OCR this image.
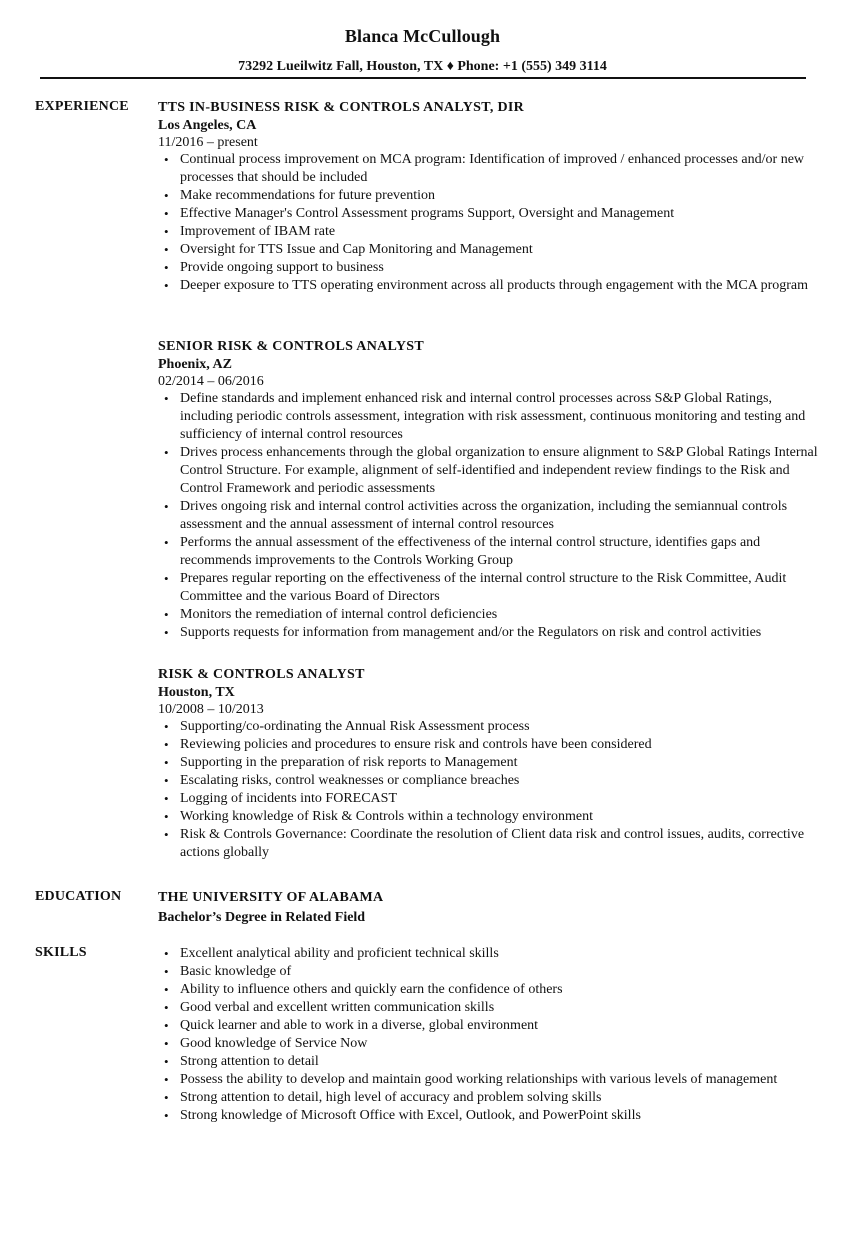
Blanca McCullough
73292 Lueilwitz Fall, Houston, TX ♦ Phone: +1 (555) 349 3114
EXPERIENCE TTS IN-BUSINESS RISK & CONTROLS ANALYST, DIR
Los Angeles, CA
11/2016 – present
• Continual process improvement on MCA program: Identification of improved / enhanced processes and/or new processes that should be included
• Make recommendations for future prevention
• Effective Manager's Control Assessment programs Support, Oversight and Management
• Improvement of IBAM rate
• Oversight for TTS Issue and Cap Monitoring and Management
• Provide ongoing support to business
• Deeper exposure to TTS operating environment across all products through engagement with the MCA program
SENIOR RISK & CONTROLS ANALYST
Phoenix, AZ
02/2014 – 06/2016
• Define standards and implement enhanced risk and internal control processes across S&P Global Ratings, including periodic controls assessment, integration with risk assessment, continuous monitoring and testing and sufficiency of internal control resources
• Drives process enhancements through the global organization to ensure alignment to S&P Global Ratings Internal Control Structure. For example, alignment of self-identified and independent review findings to the Risk and Control Framework and periodic assessments
• Drives ongoing risk and internal control activities across the organization, including the semiannual controls assessment and the annual assessment of internal control resources
• Performs the annual assessment of the effectiveness of the internal control structure, identifies gaps and recommends improvements to the Controls Working Group
• Prepares regular reporting on the effectiveness of the internal control structure to the Risk Committee, Audit Committee and the various Board of Directors
• Monitors the remediation of internal control deficiencies
• Supports requests for information from management and/or the Regulators on risk and control activities
RISK & CONTROLS ANALYST
Houston, TX
10/2008 – 10/2013
• Supporting/co-ordinating the Annual Risk Assessment process
• Reviewing policies and procedures to ensure risk and controls have been considered
• Supporting in the preparation of risk reports to Management
• Escalating risks, control weaknesses or compliance breaches
• Logging of incidents into FORECAST
• Working knowledge of Risk & Controls within a technology environment
• Risk & Controls Governance: Coordinate the resolution of Client data risk and control issues, audits, corrective actions globally
EDUCATION	THE UNIVERSITY OF ALABAMA
Bachelor’s Degree in Related Field
SKILLS
•	Excellent analytical ability and proficient technical skills
• Basic knowledge of
• Ability to influence others and quickly earn the confidence of others
• Good verbal and excellent written communication skills
• Quick learner and able to work in a diverse, global environment
• Good knowledge of Service Now
• Strong attention to detail
• Possess the ability to develop and maintain good working relationships with various levels of management
• Strong attention to detail, high level of accuracy and problem solving skills
• Strong knowledge of Microsoft Office with Excel, Outlook, and PowerPoint skills
